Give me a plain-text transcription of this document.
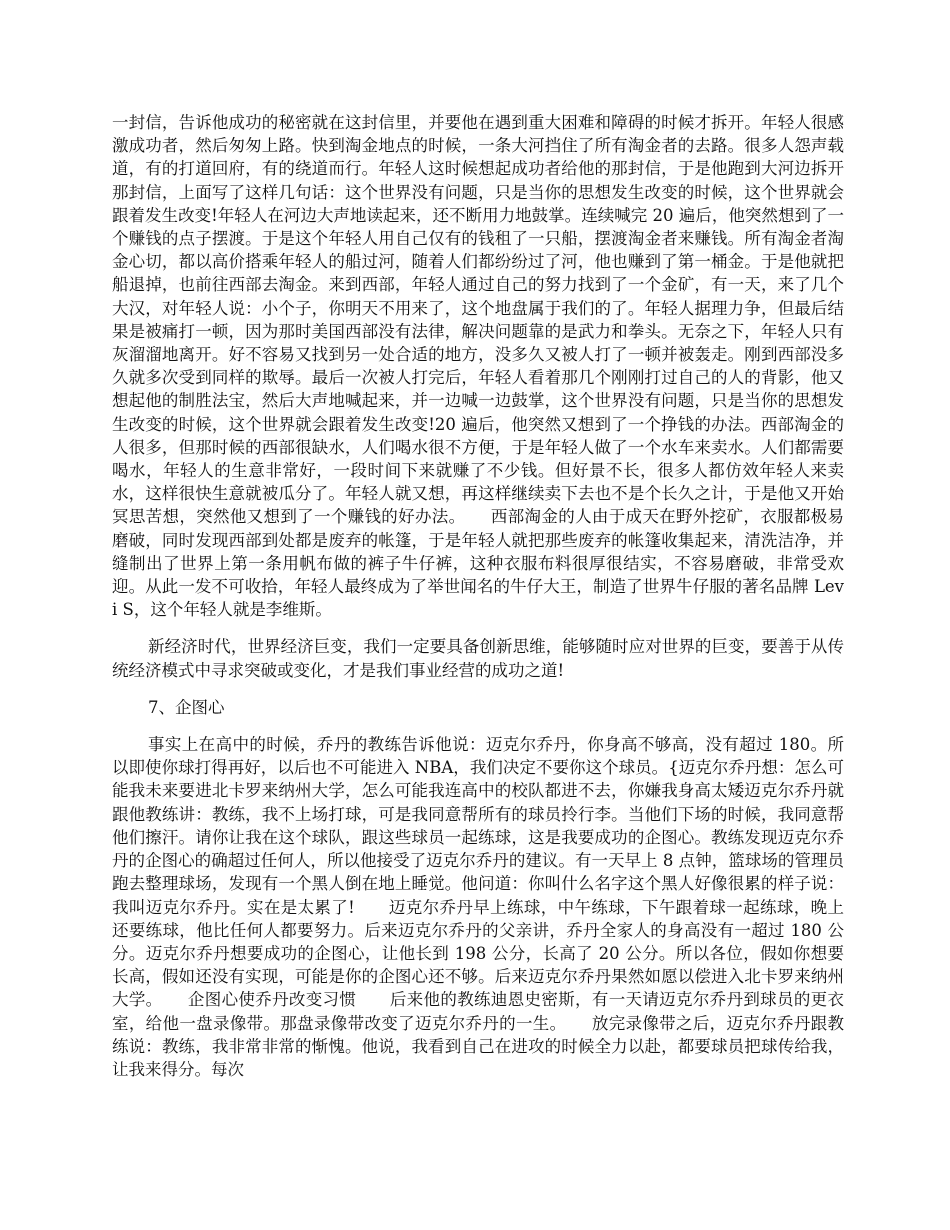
一封信，告诉他成功的秘密就在这封信里，并要他在遇到重大困难和障碍的时候才拆开。年轻人很感激成功者，然后匆匆上路。快到淘金地点的时候，一条大河挡住了所有淘金者的去路。很多人怨声载道，有的打道回府，有的绕道而行。年轻人这时候想起成功者给他的那封信，于是他跑到大河边拆开那封信，上面写了这样几句话：这个世界没有问题，只是当你的思想发生改变的时候，这个世界就会跟着发生改变!年轻人在河边大声地读起来，还不断用力地鼓掌。连续喊完 20 遍后，他突然想到了一个赚钱的点子摆渡。于是这个年轻人用自己仅有的钱租了一只船，摆渡淘金者来赚钱。所有淘金者淘金心切，都以高价搭乘年轻人的船过河，随着人们都纷纷过了河，他也赚到了第一桶金。于是他就把船退掉，也前往西部去淘金。来到西部，年轻人通过自己的努力找到了一个金矿，有一天，来了几个大汉，对年轻人说：小个子，你明天不用来了，这个地盘属于我们的了。年轻人据理力争，但最后结果是被痛打一顿，因为那时美国西部没有法律，解决问题靠的是武力和拳头。无奈之下，年轻人只有灰溜溜地离开。好不容易又找到另一处合适的地方，没多久又被人打了一顿并被轰走。刚到西部没多久就多次受到同样的欺辱。最后一次被人打完后，年轻人看着那几个刚刚打过自己的人的背影，他又想起他的制胜法宝，然后大声地喊起来，并一边喊一边鼓掌，这个世界没有问题，只是当你的思想发生改变的时候，这个世界就会跟着发生改变!20 遍后，他突然又想到了一个挣钱的办法。西部淘金的人很多，但那时候的西部很缺水，人们喝水很不方便，于是年轻人做了一个水车来卖水。人们都需要喝水，年轻人的生意非常好，一段时间下来就赚了不少钱。但好景不长，很多人都仿效年轻人来卖水，这样很快生意就被瓜分了。年轻人就又想，再这样继续卖下去也不是个长久之计，于是他又开始冥思苦想，突然他又想到了一个赚钱的好办法。　　西部淘金的人由于成天在野外挖矿，衣服都极易磨破，同时发现西部到处都是废弃的帐篷，于是年轻人就把那些废弃的帐篷收集起来，清洗洁净，并缝制出了世界上第一条用帆布做的裤子牛仔裤，这种衣服布料很厚很结实，不容易磨破，非常受欢迎。从此一发不可收拾，年轻人最终成为了举世闻名的牛仔大王，制造了世界牛仔服的著名品牌 Levi S，这个年轻人就是李维斯。

新经济时代，世界经济巨变，我们一定要具备创新思维，能够随时应对世界的巨变，要善于从传统经济模式中寻求突破或变化，才是我们事业经营的成功之道!

7、企图心

事实上在高中的时候，乔丹的教练告诉他说：迈克尔乔丹，你身高不够高，没有超过 180。所以即使你球打得再好，以后也不可能进入 NBA，我们决定不要你这个球员。{迈克尔乔丹想：怎么可能我未来要进北卡罗来纳州大学，怎么可能我连高中的校队都进不去，你嫌我身高太矮迈克尔乔丹就跟他教练讲：教练，我不上场打球，可是我同意帮所有的球员拎行李。当他们下场的时候，我同意帮他们擦汗。请你让我在这个球队，跟这些球员一起练球，这是我要成功的企图心。教练发现迈克尔乔丹的企图心的确超过任何人，所以他接受了迈克尔乔丹的建议。有一天早上 8 点钟，篮球场的管理员跑去整理球场，发现有一个黑人倒在地上睡觉。他问道：你叫什么名字这个黑人好像很累的样子说：我叫迈克尔乔丹。实在是太累了!　　迈克尔乔丹早上练球，中午练球，下午跟着球一起练球，晚上还要练球，他比任何人都要努力。后来迈克尔乔丹的父亲讲，乔丹全家人的身高没有一超过 180 公分。迈克尔乔丹想要成功的企图心，让他长到 198 公分，长高了 20 公分。所以各位，假如你想要长高，假如还没有实现，可能是你的企图心还不够。后来迈克尔乔丹果然如愿以偿进入北卡罗来纳州大学。　　企图心使乔丹改变习惯　　后来他的教练迪恩史密斯，有一天请迈克尔乔丹到球员的更衣室，给他一盘录像带。那盘录像带改变了迈克尔乔丹的一生。　　放完录像带之后，迈克尔乔丹跟教练说：教练，我非常非常的惭愧。他说，我看到自己在进攻的时候全力以赴，都要球员把球传给我，让我来得分。每次
